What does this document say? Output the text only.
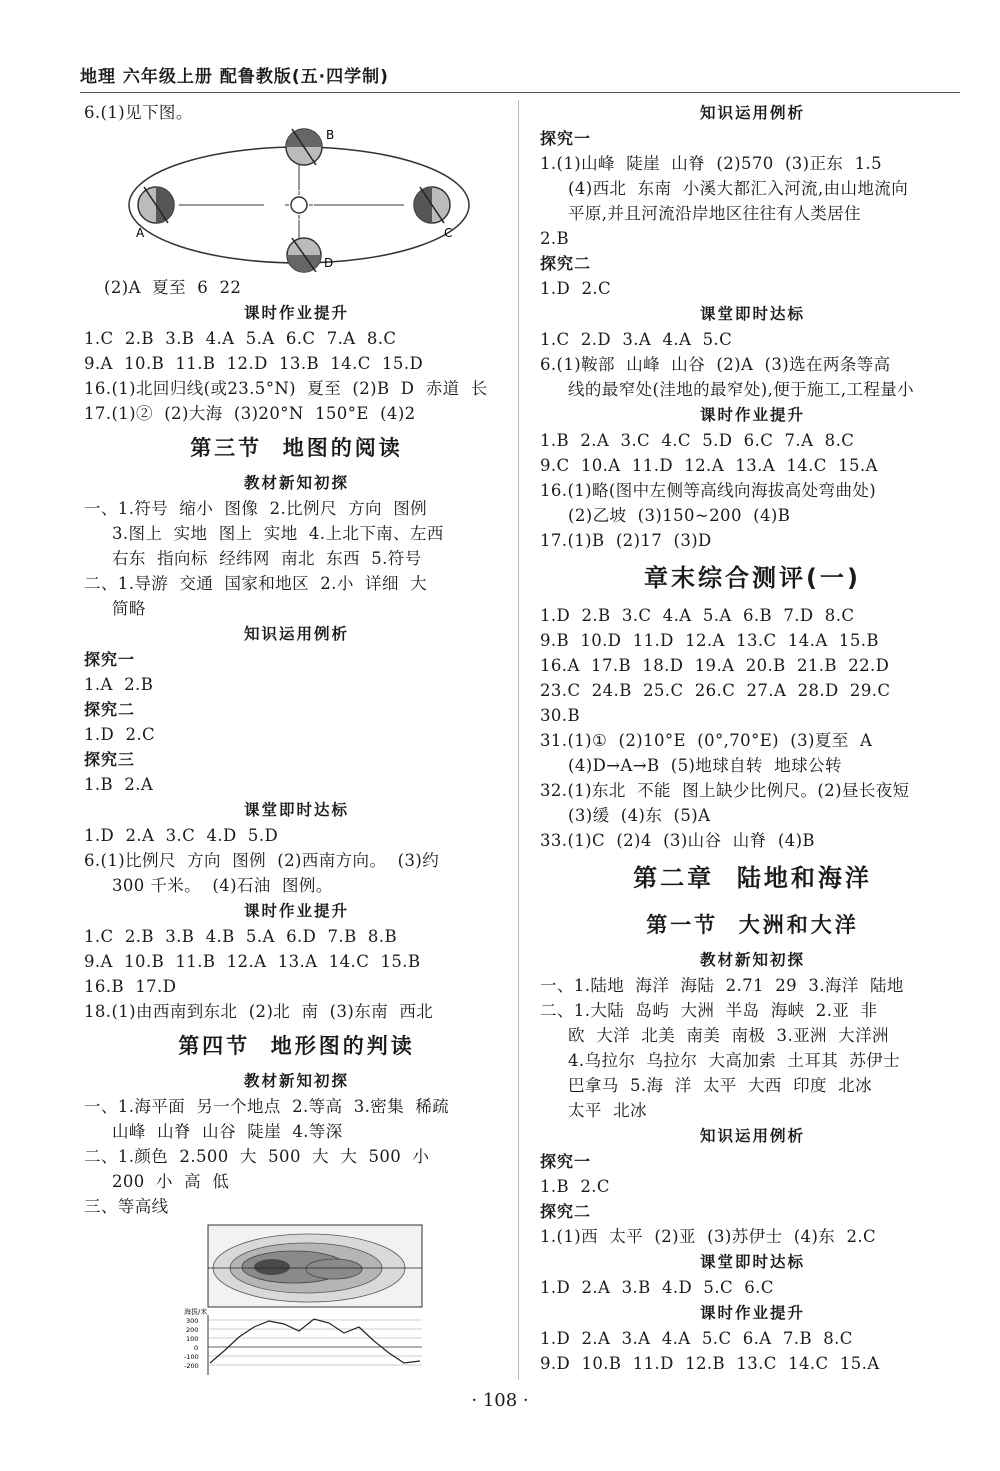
地理 六年级上册 配鲁教版(五·四学制)
6.(1)见下图。
B
A	C
D
(2)A  夏至  6  22
课时作业提升
1.C  2.B  3.B  4.A  5.A  6.C  7.A  8.C
9.A  10.B  11.B  12.D  13.B  14.C  15.D
16.(1)北回归线(或23.5°N)  夏至  (2)B  D  赤道  长
17.(1)②  (2)大海  (3)20°N  150°E  (4)2
第三节  地图的阅读
教材新知初探
一、1.符号  缩小  图像  2.比例尺  方向  图例
3.图上  实地  图上  实地  4.上北下南、左西
右东  指向标  经纬网  南北  东西  5.符号
二、1.导游  交通  国家和地区  2.小  详细  大
简略
知识运用例析
探究一
1.A  2.B
探究二
1.D  2.C
探究三
1.B  2.A
课堂即时达标
1.D  2.A  3.C  4.D  5.D
6.(1)比例尺  方向  图例  (2)西南方向。  (3)约
300 千米。  (4)石油  图例。
课时作业提升
1.C  2.B  3.B  4.B  5.A  6.D  7.B  8.B
9.A  10.B  11.B  12.A  13.A  14.C  15.B
16.B  17.D
18.(1)由西南到东北  (2)北  南  (3)东南  西北
第四节  地形图的判读
教材新知初探
一、1.海平面  另一个地点  2.等高  3.密集  稀疏
山峰  山脊  山谷  陡崖  4.等深
二、1.颜色  2.500  大  500  大  大  500  小
200  小  高  低
三、等高线
海拔/米
300
200
100
0
-100
-200
知识运用例析
探究一
1.(1)山峰  陡崖  山脊  (2)570  (3)正东  1.5
(4)西北  东南  小溪大都汇入河流,由山地流向
平原,并且河流沿岸地区往往有人类居住
2.B
探究二
1.D  2.C
课堂即时达标
1.C  2.D  3.A  4.A  5.C
6.(1)鞍部  山峰  山谷  (2)A  (3)选在两条等高
线的最窄处(洼地的最窄处),便于施工,工程量小
课时作业提升
1.B  2.A  3.C  4.C  5.D  6.C  7.A  8.C
9.C  10.A  11.D  12.A  13.A  14.C  15.A
16.(1)略(图中左侧等高线向海拔高处弯曲处)
(2)乙坡  (3)150~200  (4)B
17.(1)B  (2)17  (3)D
章末综合测评(一)
1.D  2.B  3.C  4.A  5.A  6.B  7.D  8.C
9.B  10.D  11.D  12.A  13.C  14.A  15.B
16.A  17.B  18.D  19.A  20.B  21.B  22.D
23.C  24.B  25.C  26.C  27.A  28.D  29.C
30.B
31.(1)①  (2)10°E  (0°,70°E)  (3)夏至  A
(4)D→A→B  (5)地球自转  地球公转
32.(1)东北  不能  图上缺少比例尺。(2)昼长夜短
(3)缓  (4)东  (5)A
33.(1)C  (2)4  (3)山谷  山脊  (4)B
第二章  陆地和海洋
第一节  大洲和大洋
教材新知初探
一、1.陆地  海洋  海陆  2.71  29  3.海洋  陆地
二、1.大陆  岛屿  大洲  半岛  海峡  2.亚  非
欧  大洋  北美  南美  南极  3.亚洲  大洋洲
4.乌拉尔  乌拉尔  大高加索  土耳其  苏伊士
巴拿马  5.海  洋  太平  大西  印度  北冰
太平  北冰
知识运用例析
探究一
1.B  2.C
探究二
1.(1)西  太平  (2)亚  (3)苏伊士  (4)东  2.C
课堂即时达标
1.D  2.A  3.B  4.D  5.C  6.C
课时作业提升
1.D  2.A  3.A  4.A  5.C  6.A  7.B  8.C
9.D  10.B  11.D  12.B  13.C  14.C  15.A
· 108 ·
